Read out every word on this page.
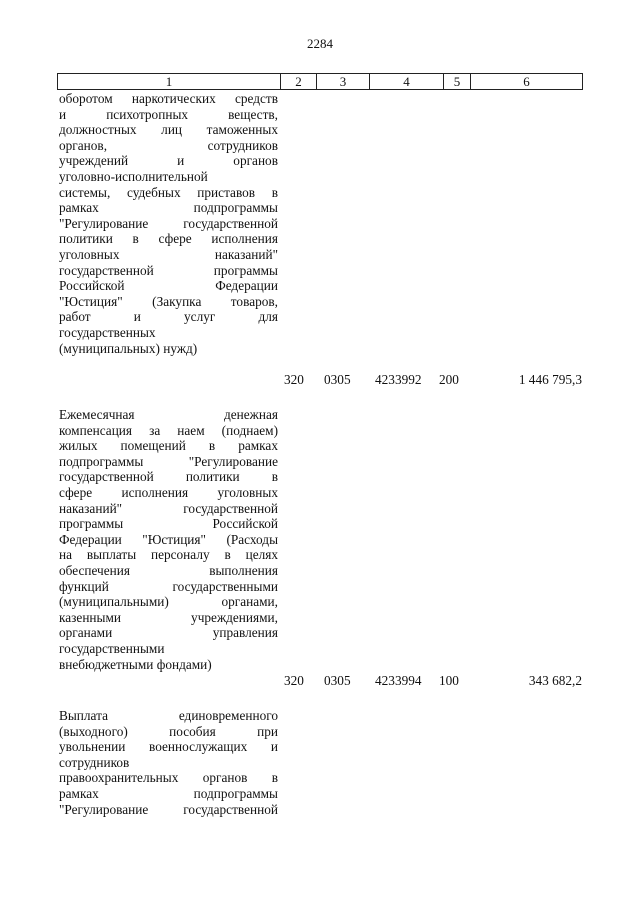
2284
1	2	3	4	5	6
оборотом наркотических средств
и психотропных веществ,
должностных лиц таможенных
органов, сотрудников
учреждений и органов
уголовно-исполнительной
системы, судебных приставов в
рамках подпрограммы
"Регулирование государственной
политики в сфере исполнения
уголовных наказаний"
государственной программы
Российской Федерации
"Юстиция" (Закупка товаров,
работ и услуг для
государственных
(муниципальных) нужд)
320	0305	4233992	200	1 446 795,3
Ежемесячная денежная
компенсация за наем (поднаем)
жилых помещений в рамках
подпрограммы "Регулирование
государственной политики в
сфере исполнения уголовных
наказаний" государственной
программы Российской
Федерации "Юстиция" (Расходы
на выплаты персоналу в целях
обеспечения выполнения
функций государственными
(муниципальными) органами,
казенными учреждениями,
органами управления
государственными
внебюджетными фондами)
320	0305	4233994	100	343 682,2
Выплата единовременного
(выходного) пособия при
увольнении военнослужащих и
сотрудников
правоохранительных органов в
рамках подпрограммы
"Регулирование государственной
